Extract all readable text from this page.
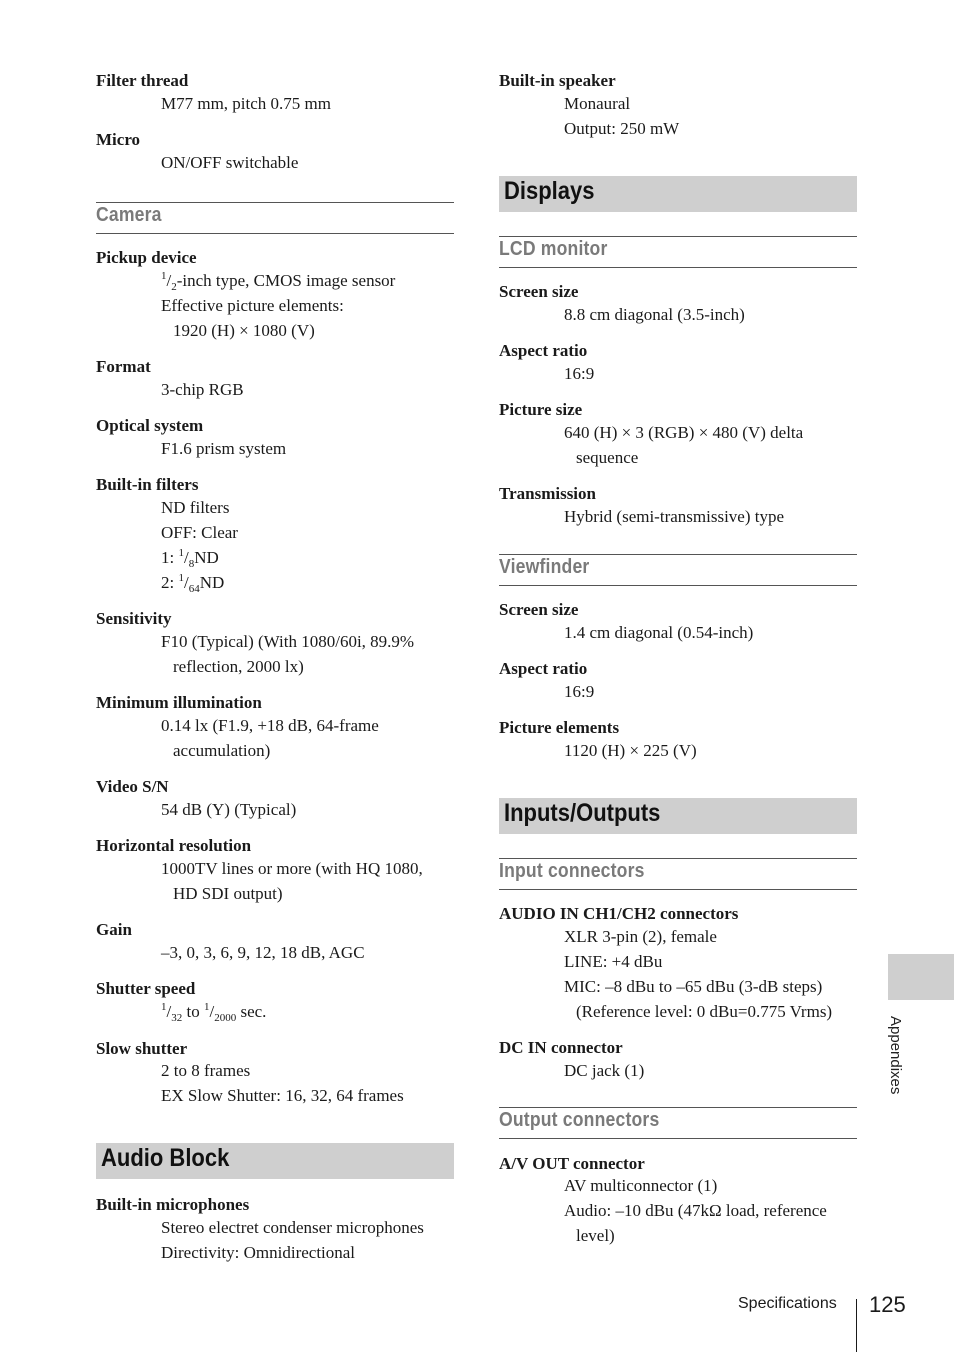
Filter thread
M77 mm, pitch 0.75 mm
Micro
ON/OFF switchable
Camera
Pickup device
$^1/_2$-inch type, CMOS image sensor
Effective picture elements:
1920 (H) × 1080 (V)
Format
3-chip RGB
Optical system
F1.6 prism system
Built-in filters
ND filters
OFF: Clear
1: $^1/_8ND$
2: $^1/_{64}ND$
Sensitivity
F10 (Typical) (With 1080/60i, 89.9%
reflection, 2000 lx)
Minimum illumination
0.14 lx (F1.9, +18 dB, 64-frame
accumulation)
Video S/N
54 dB (Y) (Typical)
Horizontal resolution
1000TV lines or more (with HQ 1080,
HD SDI output)
Gain
–3, 0, 3, 6, 9, 12, 18 dB, AGC
Shutter speed
$^1/_{32}$ to $^1/_{2000}$ sec.
Slow shutter
2 to 8 frames
EX Slow Shutter: 16, 32, 64 frames
Audio Block
Built-in microphones
Stereo electret condenser microphones
Directivity: Omnidirectional
Built-in speaker
Monaural
Output: 250 mW
Displays
LCD monitor
Screen size
8.8 cm diagonal (3.5-inch)
Aspect ratio
16:9
Picture size
640 (H) × 3 (RGB) × 480 (V) delta
sequence
Transmission
Hybrid (semi-transmissive) type
Viewfinder
Screen size
1.4 cm diagonal (0.54-inch)
Aspect ratio
16:9
Picture elements
1120 (H) × 225 (V)
Inputs/Outputs
Input connectors
AUDIO IN CH1/CH2 connectors
XLR 3-pin (2), female
LINE: +4 dBu
MIC: –8 dBu to –65 dBu (3-dB steps)
(Reference level: 0 dBu=0.775 Vrms)
DC IN connector
DC jack (1)
Output connectors
A/V OUT connector
AV multiconnector (1)
Audio: –10 dBu (47kΩ load, reference
level)
Appendixes
Specifications 125
